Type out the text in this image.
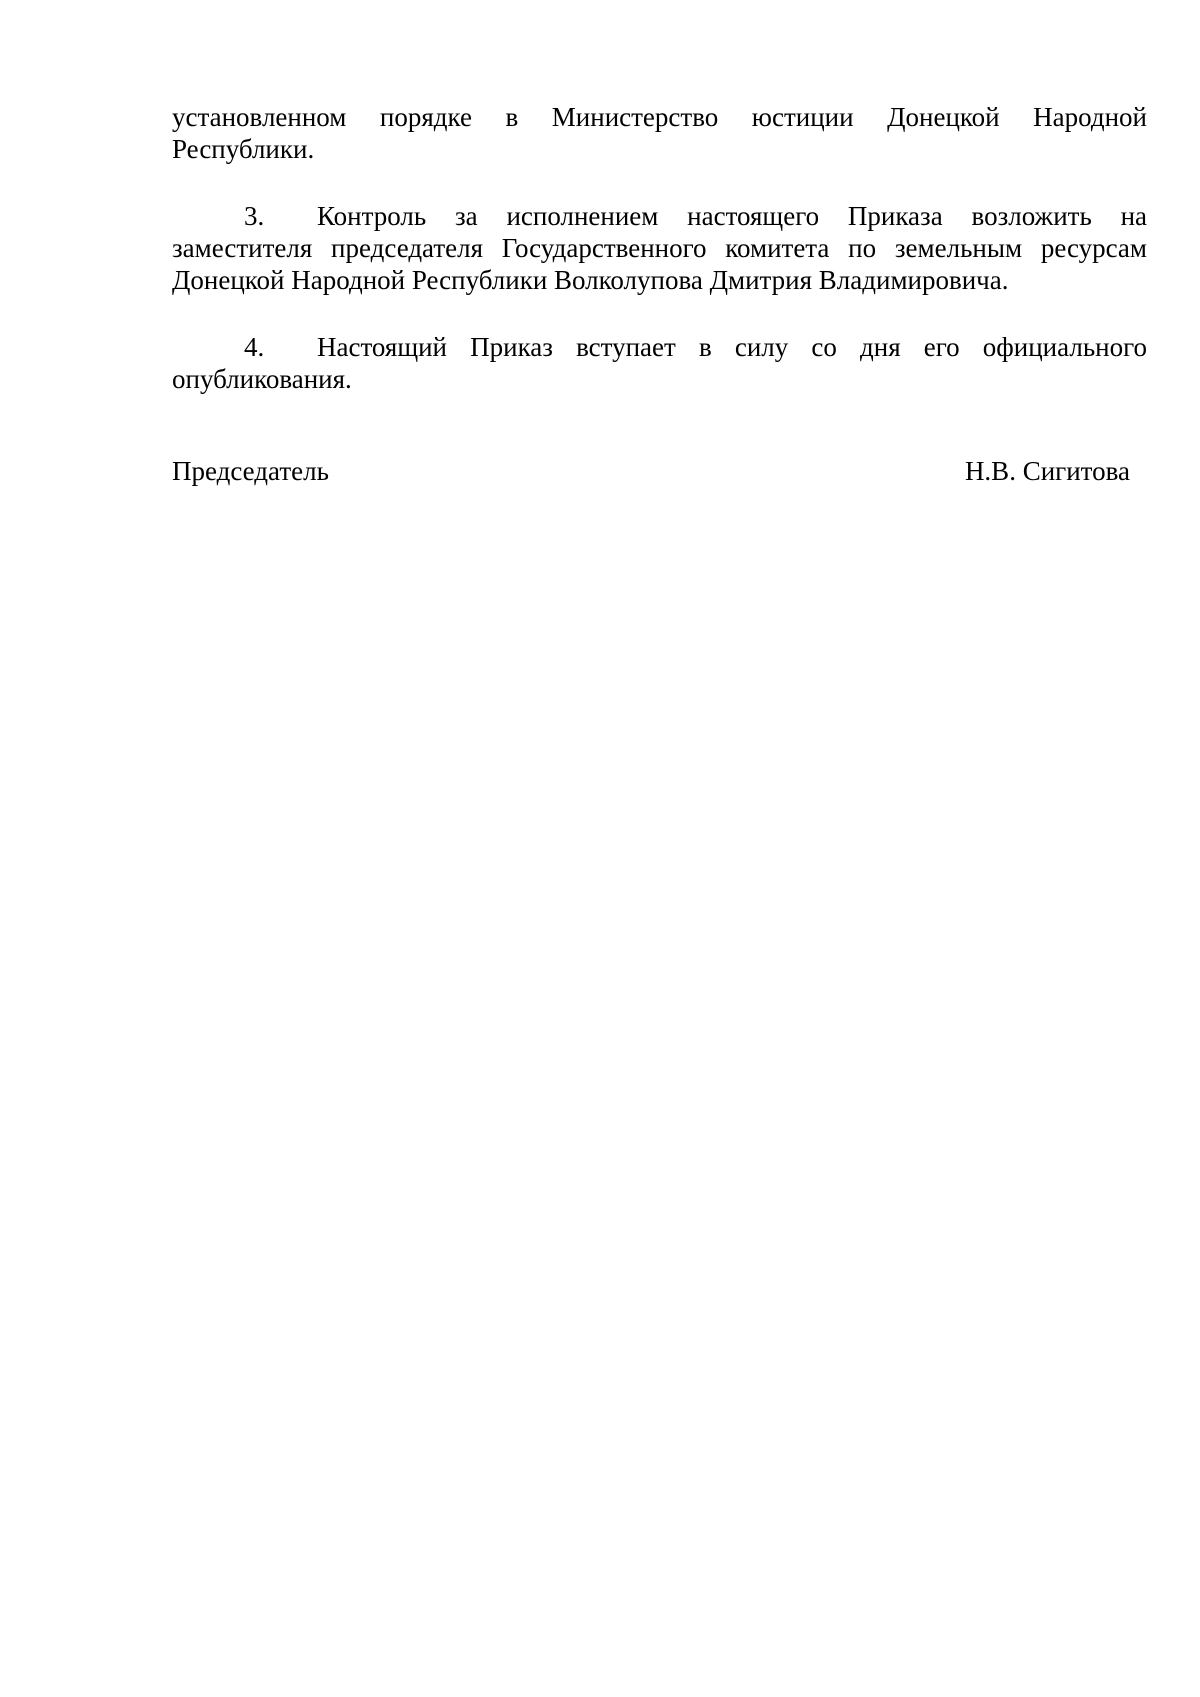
установленном порядке в Министерство юстиции Донецкой Народной
Республики.
3.	Контроль за исполнением настоящего Приказа возложить на
заместителя председателя Государственного комитета по земельным ресурсам
Донецкой Народной Республики Волколупова Дмитрия Владимировича.
4.	Настоящий Приказ вступает в силу со дня его официального
опубликования.
Председатель	Н.В. Сигитова
